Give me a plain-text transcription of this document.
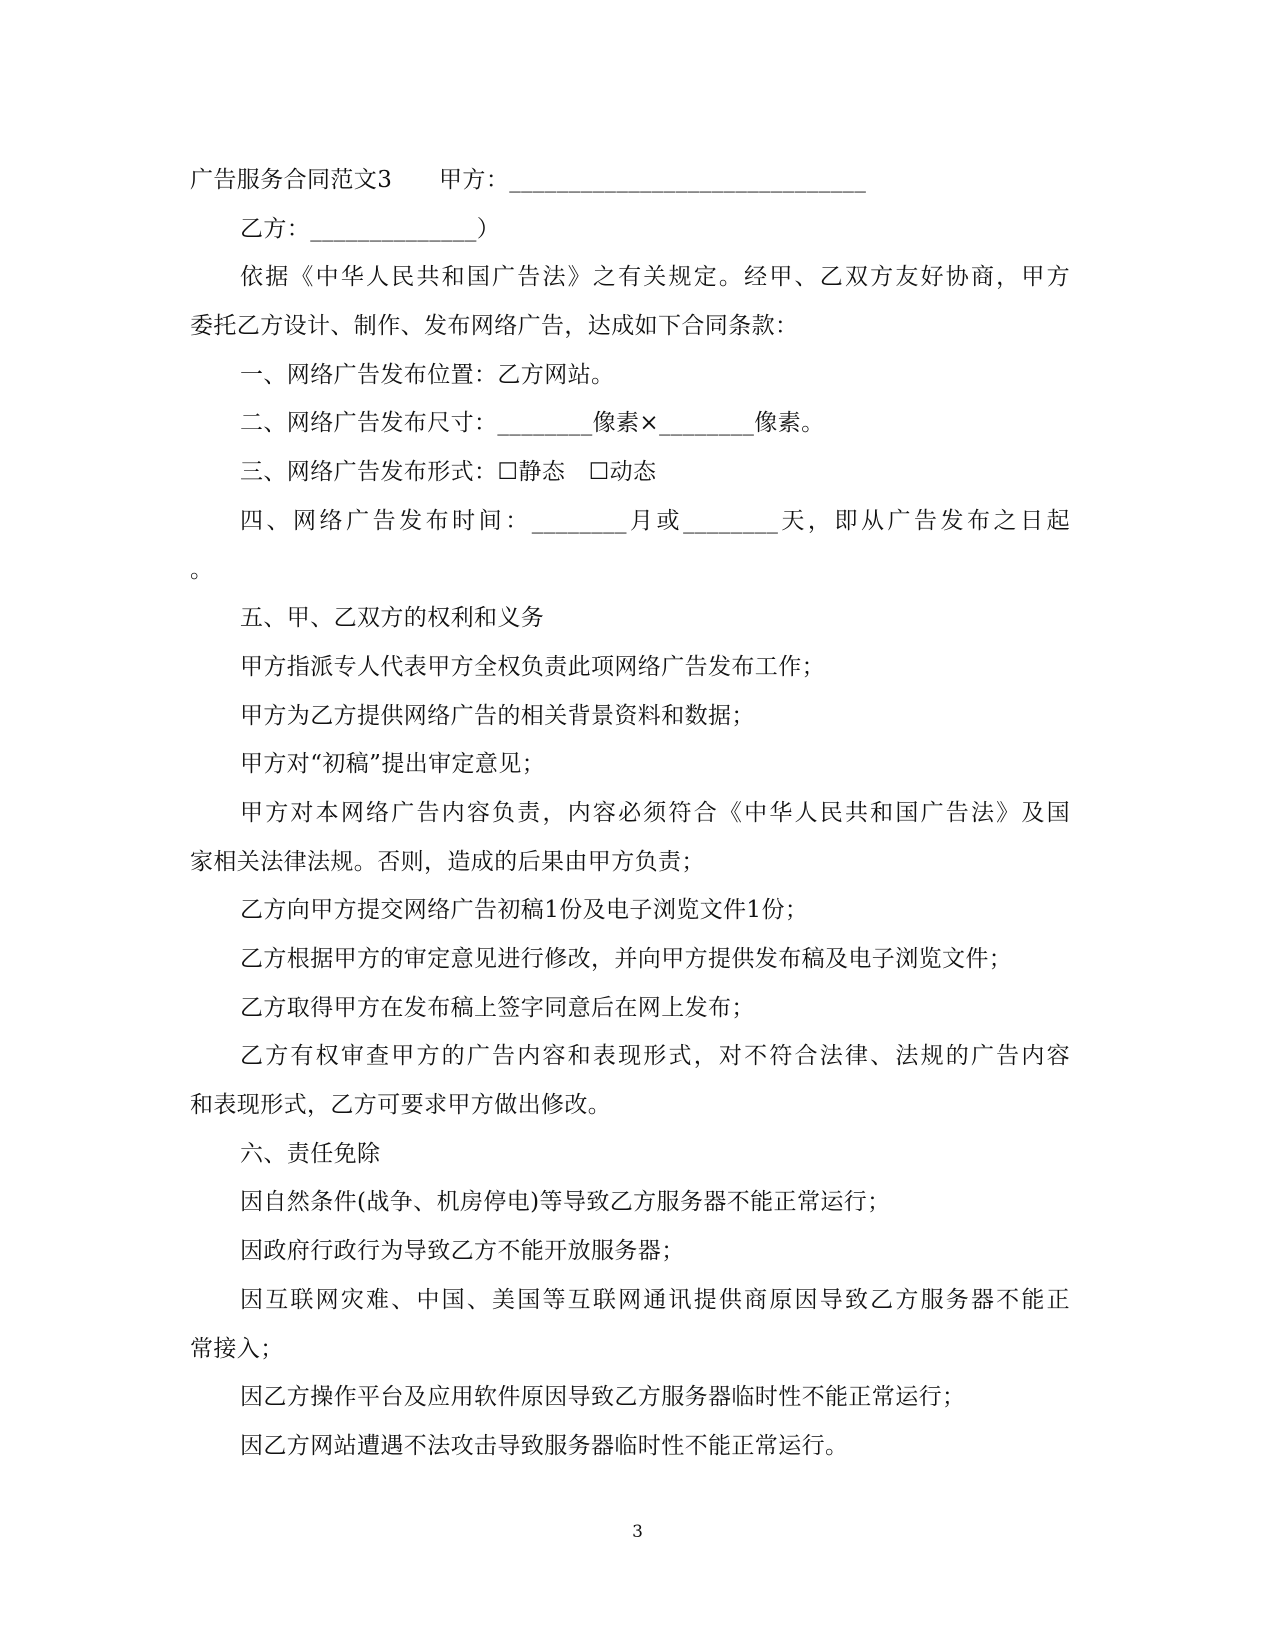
广告服务合同范文3　　甲方：______________________________
乙方：______________）
依据《中华人民共和国广告法》之有关规定。经甲、乙双方友好协商，甲方
委托乙方设计、制作、发布网络广告，达成如下合同条款：
一、网络广告发布位置：乙方网站。
二、网络广告发布尺寸：________像素×________像素。
三、网络广告发布形式：☐静态　☐动态
四、网络广告发布时间：________月或________天，即从广告发布之日起
。
五、甲、乙双方的权利和义务
甲方指派专人代表甲方全权负责此项网络广告发布工作；
甲方为乙方提供网络广告的相关背景资料和数据；
甲方对“初稿”提出审定意见；
甲方对本网络广告内容负责，内容必须符合《中华人民共和国广告法》及国
家相关法律法规。否则，造成的后果由甲方负责；
乙方向甲方提交网络广告初稿1份及电子浏览文件1份；
乙方根据甲方的审定意见进行修改，并向甲方提供发布稿及电子浏览文件；
乙方取得甲方在发布稿上签字同意后在网上发布；
乙方有权审查甲方的广告内容和表现形式，对不符合法律、法规的广告内容
和表现形式，乙方可要求甲方做出修改。
六、责任免除
因自然条件(战争、机房停电)等导致乙方服务器不能正常运行；
因政府行政行为导致乙方不能开放服务器；
因互联网灾难、中国、美国等互联网通讯提供商原因导致乙方服务器不能正
常接入；
因乙方操作平台及应用软件原因导致乙方服务器临时性不能正常运行；
因乙方网站遭遇不法攻击导致服务器临时性不能正常运行。
3
